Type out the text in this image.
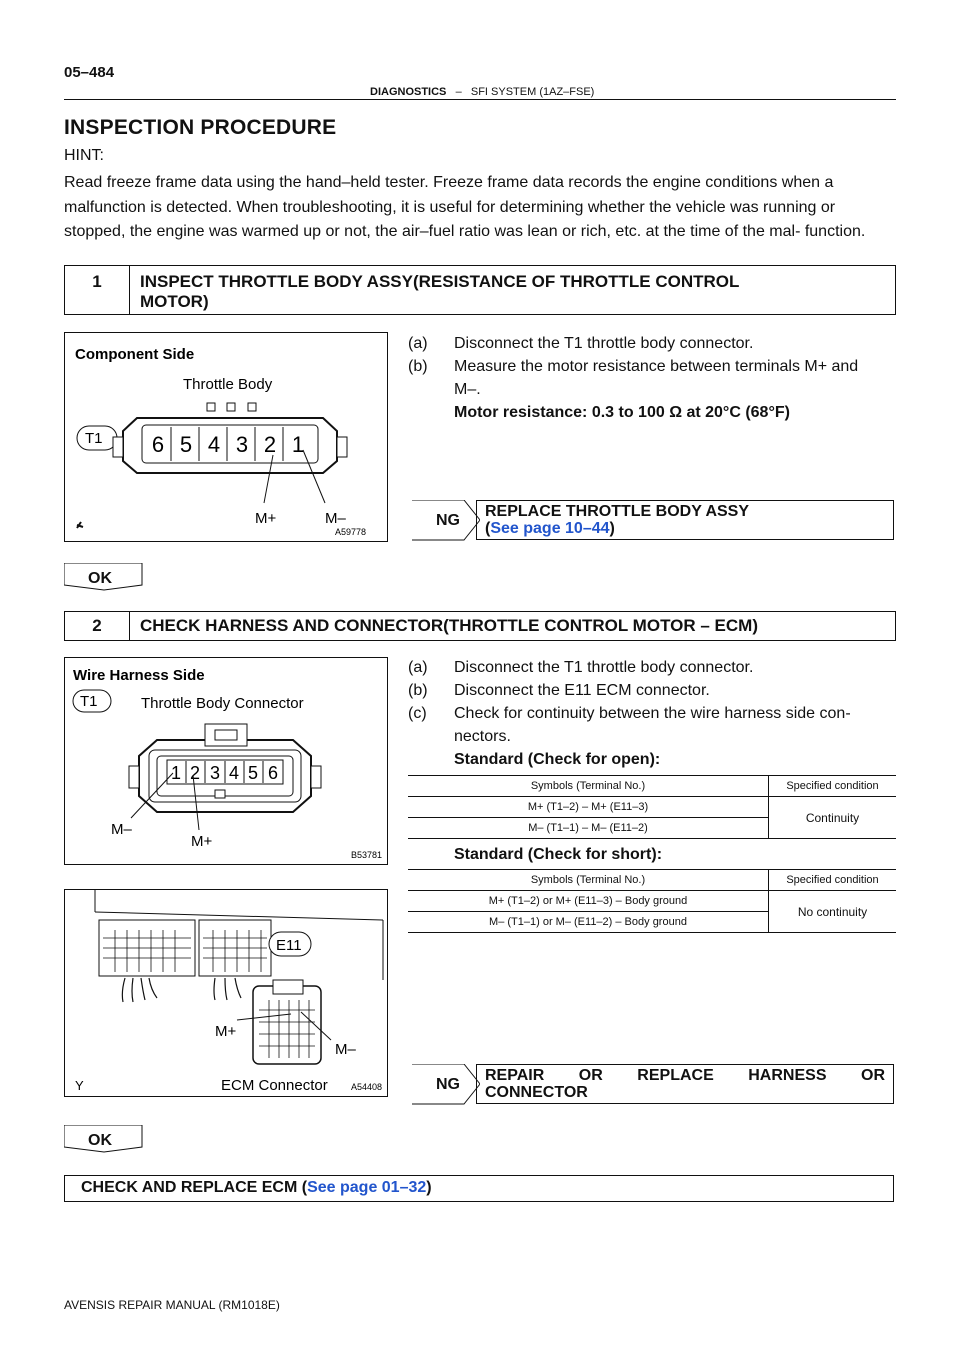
05–484
DIAGNOSTICS – SFI SYSTEM (1AZ–FSE)
INSPECTION PROCEDURE
HINT:
Read freeze frame data using the hand–held tester. Freeze frame data records the engine conditions when a malfunction is detected. When troubleshooting, it is useful for determining whether the vehicle was running or stopped, the engine was warmed up or not, the air–fuel ratio was lean or rich, etc. at the time of the mal- function.
1	INSPECT THROTTLE BODY ASSY(RESISTANCE OF THROTTLE CONTROL
MOTOR)
Component Side
Throttle Body
T1 6 5 4 3 2 1
M+	M–
A59778
(a) Disconnect the T1 throttle body connector.
(b) Measure the motor resistance between terminals M+ and
M–.
Motor resistance: 0.3 to 100 Ω at 20°C (68°F)
NG
REPLACE THROTTLE BODY ASSY
(See page 10–44)
OK
2	CHECK HARNESS AND CONNECTOR(THROTTLE CONTROL MOTOR – ECM)
Wire Harness Side
T1	Throttle Body Connector
1 2 3 4 5 6
M–
M+
B53781
E11
M+
M–
Y	ECM Connector	A54408
(a) Disconnect the T1 throttle body connector.
(b) Disconnect the E11 ECM connector.
(c) Check for continuity between the wire harness side con-
nectors.
Standard (Check for open):
Symbols (Terminal No.)	Specified condition
M+ (T1–2) – M+ (E11–3)	Continuity
M– (T1–1) – M– (E11–2)	
Standard (Check for short):
Symbols (Terminal No.)	Specified condition
M+ (T1–2) or M+ (E11–3) – Body ground	No continuity
M– (T1–1) or M– (E11–2) – Body ground	
NG
REPAIR OR REPLACE HARNESS OR
CONNECTOR
OK
CHECK AND REPLACE ECM (See page 01–32)
AVENSIS REPAIR MANUAL (RM1018E)
